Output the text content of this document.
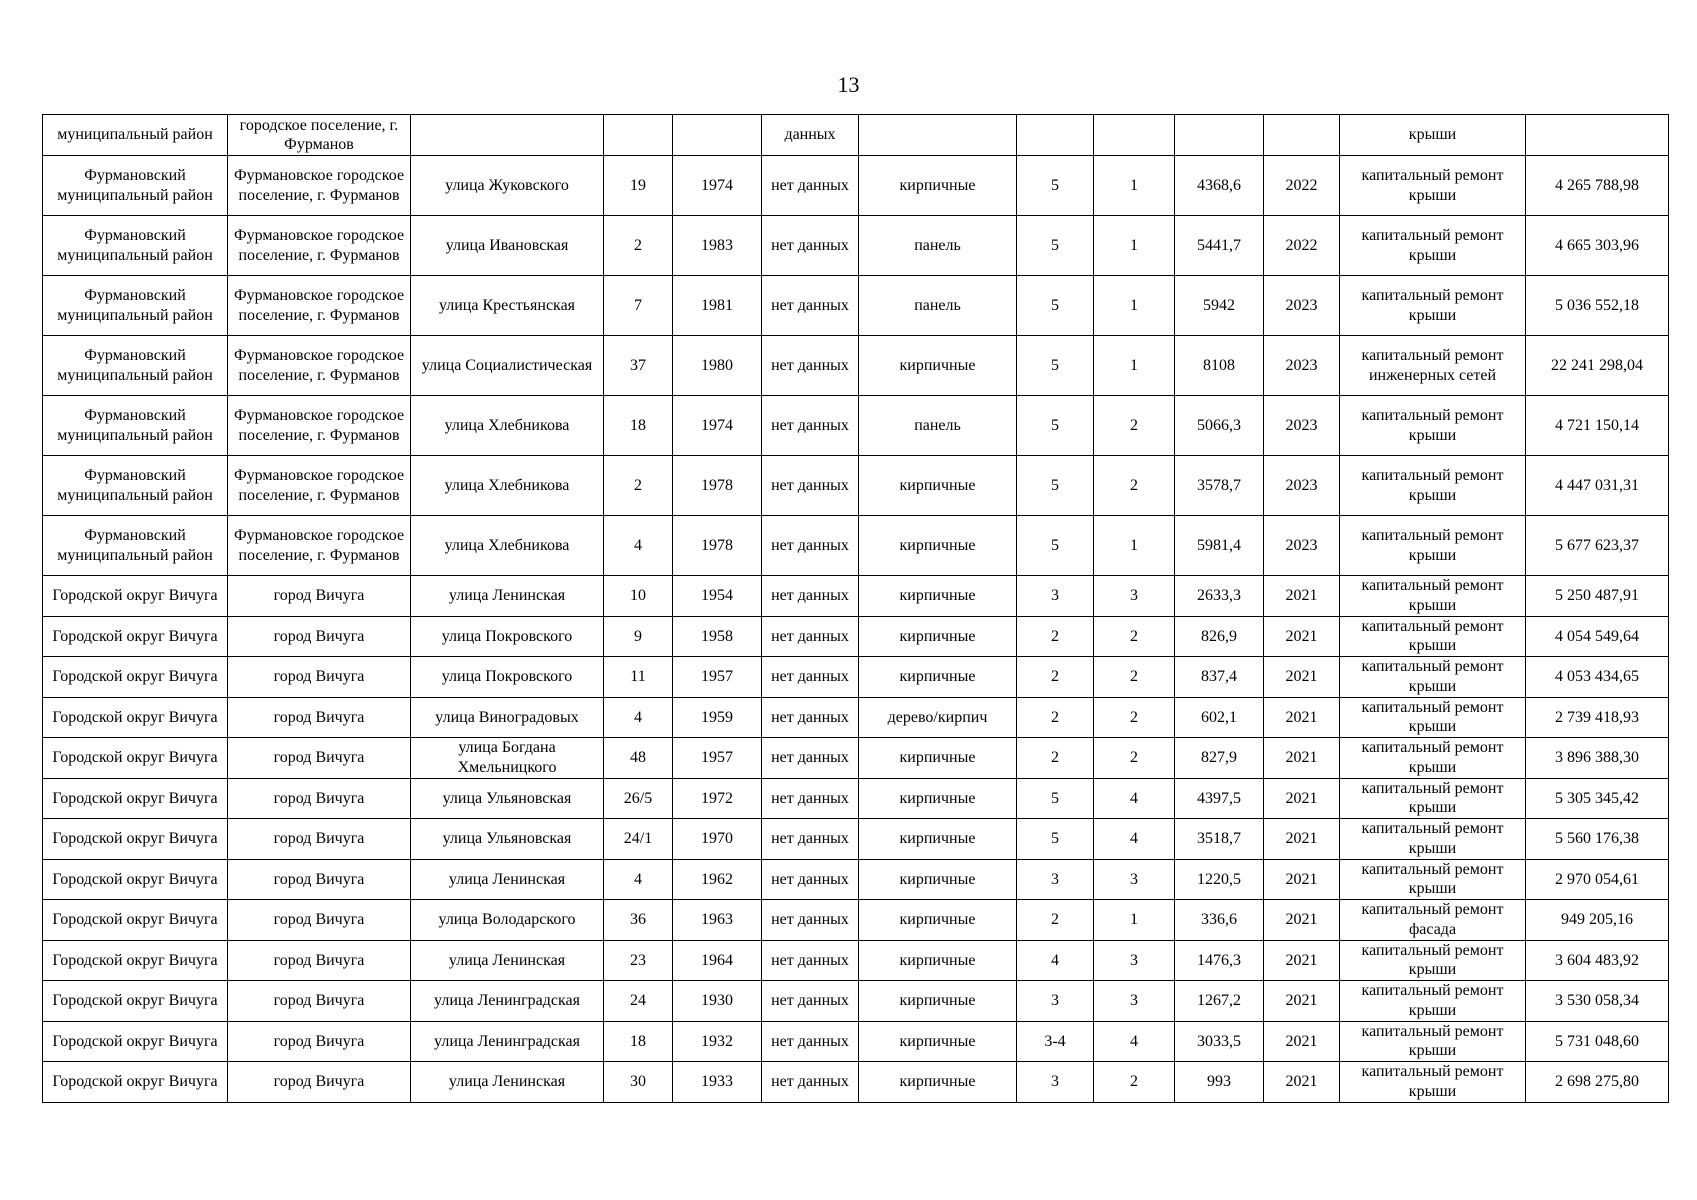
13
муниципальный район	городское поселение, г. Фурманов				данных						крыши	
Фурмановский муниципальный район	Фурмановское городское поселение, г. Фурманов	улица Жуковского	19	1974	нет данных	кирпичные	5	1	4368,6	2022	капитальный ремонт крыши	4 265 788,98
Фурмановский муниципальный район	Фурмановское городское поселение, г. Фурманов	улица Ивановская	2	1983	нет данных	панель	5	1	5441,7	2022	капитальный ремонт крыши	4 665 303,96
Фурмановский муниципальный район	Фурмановское городское поселение, г. Фурманов	улица Крестьянская	7	1981	нет данных	панель	5	1	5942	2023	капитальный ремонт крыши	5 036 552,18
Фурмановский муниципальный район	Фурмановское городское поселение, г. Фурманов	улица Социалистическая	37	1980	нет данных	кирпичные	5	1	8108	2023	капитальный ремонт инженерных сетей	22 241 298,04
Фурмановский муниципальный район	Фурмановское городское поселение, г. Фурманов	улица Хлебникова	18	1974	нет данных	панель	5	2	5066,3	2023	капитальный ремонт крыши	4 721 150,14
Фурмановский муниципальный район	Фурмановское городское поселение, г. Фурманов	улица Хлебникова	2	1978	нет данных	кирпичные	5	2	3578,7	2023	капитальный ремонт крыши	4 447 031,31
Фурмановский муниципальный район	Фурмановское городское поселение, г. Фурманов	улица Хлебникова	4	1978	нет данных	кирпичные	5	1	5981,4	2023	капитальный ремонт крыши	5 677 623,37
Городской округ Вичуга	город Вичуга	улица Ленинская	10	1954	нет данных	кирпичные	3	3	2633,3	2021	капитальный ремонт крыши	5 250 487,91
Городской округ Вичуга	город Вичуга	улица Покровского	9	1958	нет данных	кирпичные	2	2	826,9	2021	капитальный ремонт крыши	4 054 549,64
Городской округ Вичуга	город Вичуга	улица Покровского	11	1957	нет данных	кирпичные	2	2	837,4	2021	капитальный ремонт крыши	4 053 434,65
Городской округ Вичуга	город Вичуга	улица Виноградовых	4	1959	нет данных	дерево/кирпич	2	2	602,1	2021	капитальный ремонт крыши	2 739 418,93
Городской округ Вичуга	город Вичуга	улица Богдана Хмельницкого	48	1957	нет данных	кирпичные	2	2	827,9	2021	капитальный ремонт крыши	3 896 388,30
Городской округ Вичуга	город Вичуга	улица Ульяновская	26/5	1972	нет данных	кирпичные	5	4	4397,5	2021	капитальный ремонт крыши	5 305 345,42
Городской округ Вичуга	город Вичуга	улица Ульяновская	24/1	1970	нет данных	кирпичные	5	4	3518,7	2021	капитальный ремонт крыши	5 560 176,38
Городской округ Вичуга	город Вичуга	улица Ленинская	4	1962	нет данных	кирпичные	3	3	1220,5	2021	капитальный ремонт крыши	2 970 054,61
Городской округ Вичуга	город Вичуга	улица Володарского	36	1963	нет данных	кирпичные	2	1	336,6	2021	капитальный ремонт фасада	949 205,16
Городской округ Вичуга	город Вичуга	улица Ленинская	23	1964	нет данных	кирпичные	4	3	1476,3	2021	капитальный ремонт крыши	3 604 483,92
Городской округ Вичуга	город Вичуга	улица Ленинградская	24	1930	нет данных	кирпичные	3	3	1267,2	2021	капитальный ремонт крыши	3 530 058,34
Городской округ Вичуга	город Вичуга	улица Ленинградская	18	1932	нет данных	кирпичные	3-4	4	3033,5	2021	капитальный ремонт крыши	5 731 048,60
Городской округ Вичуга	город Вичуга	улица Ленинская	30	1933	нет данных	кирпичные	3	2	993	2021	капитальный ремонт крыши	2 698 275,80
